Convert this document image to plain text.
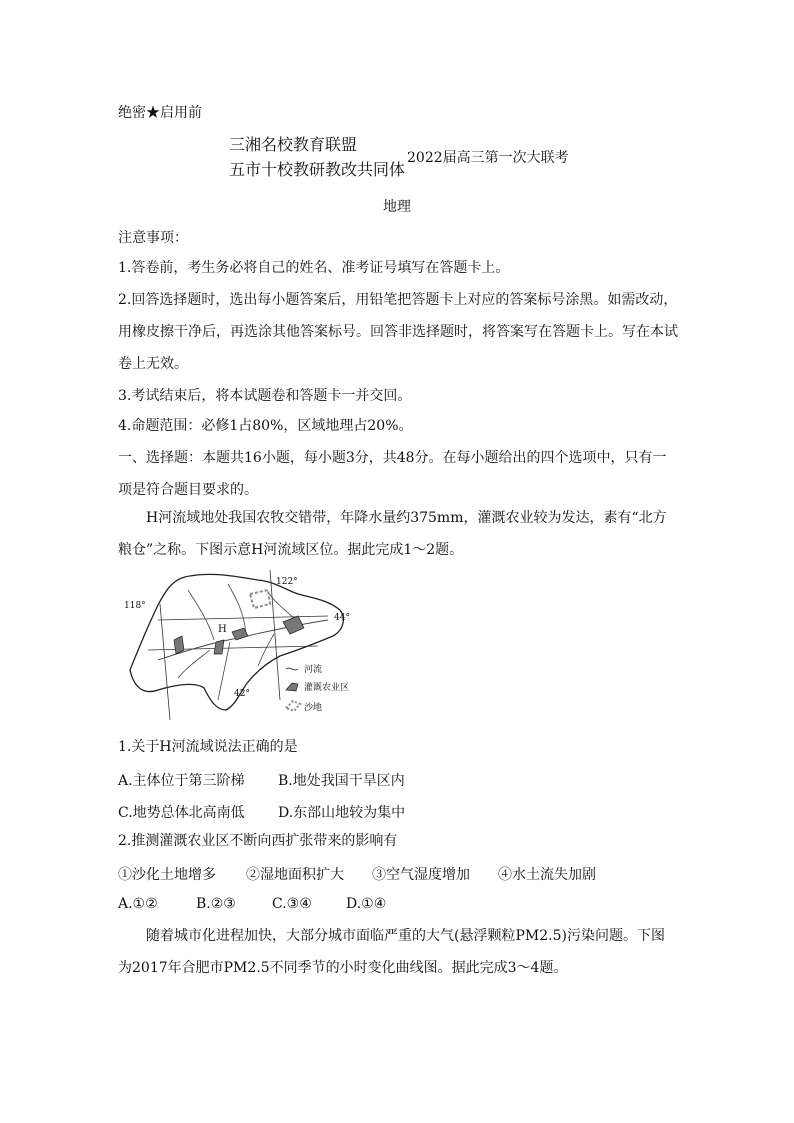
绝密★启用前
三湘名校教育联盟
五市十校教研教改共同体
2022届高三第一次大联考
地理
注意事项：
1.答卷前，考生务必将自己的姓名、准考证号填写在答题卡上。
2.回答选择题时，选出每小题答案后，用铅笔把答题卡上对应的答案标号涂黑。如需改动，用橡皮擦干净后，再选涂其他答案标号。回答非选择题时，将答案写在答题卡上。写在本试卷上无效。
3.考试结束后，将本试题卷和答题卡一并交回。
4.命题范围：必修1占80%，区域地理占20%。
一、选择题：本题共16小题，每小题3分，共48分。在每小题给出的四个选项中，只有一项是符合题目要求的。
H河流域地处我国农牧交错带，年降水量约375mm，灌溉农业较为发达，素有“北方粮仓”之称。下图示意H河流域区位。据此完成1～2题。
118°
122°
44°
42°
H
河流
灌溉农业区
沙地
1.关于H河流域说法正确的是
A.主体位于第三阶梯 B.地处我国干旱区内
C.地势总体北高南低 D.东部山地较为集中
2.推测灌溉农业区不断向西扩张带来的影响有
①沙化土地增多 ②湿地面积扩大 ③空气湿度增加 ④水土流失加剧
A.①②	B.②③	C.③④ D.①④
随着城市化进程加快，大部分城市面临严重的大气(悬浮颗粒PM2.5)污染问题。下图为2017年合肥市PM2.5不同季节的小时变化曲线图。据此完成3～4题。
